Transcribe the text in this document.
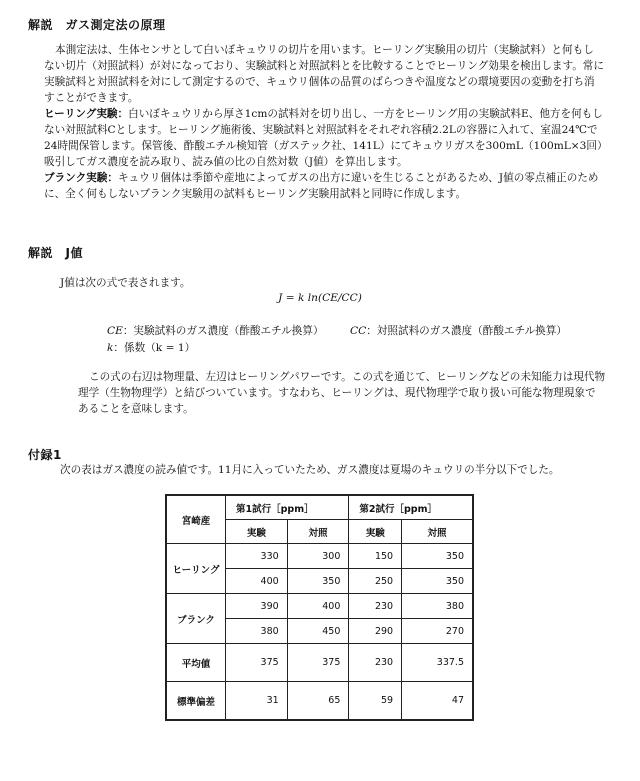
解説　ガス測定法の原理

本測定法は、生体センサとして白いぼキュウリの切片を用います。ヒーリング実験用の切片（実験試料）と何もしない切片（対照試料）が対になっており、実験試料と対照試料とを比較することでヒーリング効果を検出します。常に実験試料と対照試料を対にして測定するので、キュウリ個体の品質のばらつきや温度などの環境要因の変動を打ち消すことができます。

ヒーリング実験：白いぼキュウリから厚さ1cmの試料対を切り出し、一方をヒーリング用の実験試料E、他方を何もしない対照試料Cとします。ヒーリング施術後、実験試料と対照試料をそれぞれ容積2.2Lの容器に入れて、室温24℃で24時間保管します。保管後、酢酸エチル検知管（ガステック社、141L）にてキュウリガスを300mL（100mL×3回）吸引してガス濃度を読み取り、読み値の比の自然対数（J値）を算出します。

ブランク実験：キュウリ個体は季節や産地によってガスの出方に違いを生じることがあるため、J値の零点補正のために、全く何もしないブランク実験用の試料もヒーリング実験用試料と同時に作成します。

解説　J値

J値は次の式で表されます。

J = k ln(CE/CC)
CE：実験試料のガス濃度（酢酸エチル換算） CC：対照試料のガス濃度（酢酸エチル換算）
k：係数（k = 1）

この式の右辺は物理量、左辺はヒーリングパワーです。この式を通じて、ヒーリングなどの未知能力は現代物理学（生物物理学）と結びついています。すなわち、ヒーリングは、現代物理学で取り扱い可能な物理現象であることを意味します。

付録1

次の表はガス濃度の読み値です。11月に入っていたため、ガス濃度は夏場のキュウリの半分以下でした。

宮崎産	第1試行［ppm］		第2試行［ppm］	
	実験	対照	実験	対照
ヒーリング	330	300	150	350
	400	350	250	350
ブランク	390	400	230	380
	380	450	290	270
平均値	375	375	230	337.5
標準偏差	31	65	59	47
